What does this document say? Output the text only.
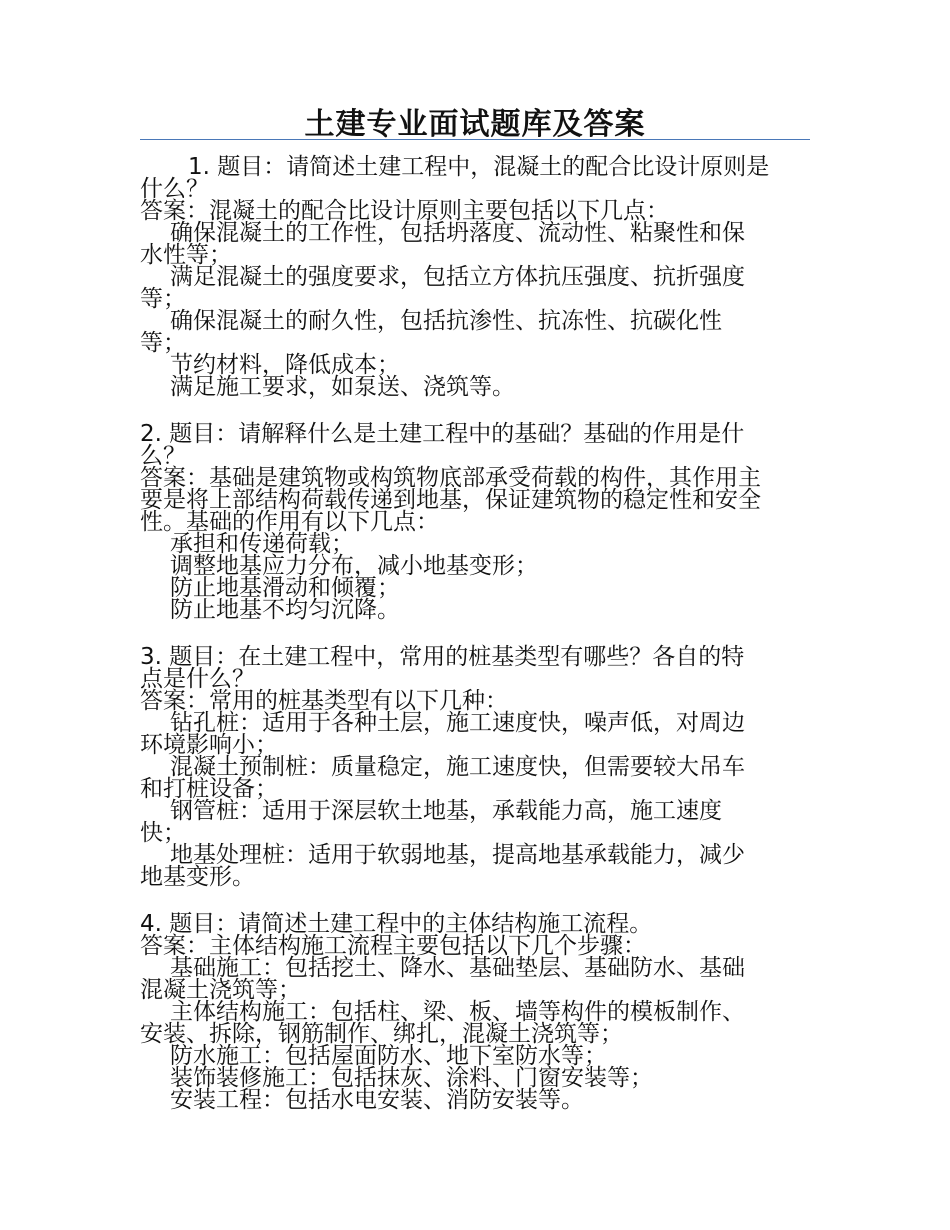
土建专业面试题库及答案
1. 题目：请简述土建工程中，混凝土的配合比设计原则是
什么？
答案：混凝土的配合比设计原则主要包括以下几点：
确保混凝土的工作性，包括坍落度、流动性、粘聚性和保
水性等；
满足混凝土的强度要求，包括立方体抗压强度、抗折强度
等；
确保混凝土的耐久性，包括抗渗性、抗冻性、抗碳化性
等；
节约材料，降低成本；
满足施工要求，如泵送、浇筑等。
2. 题目：请解释什么是土建工程中的基础？基础的作用是什
么？
答案：基础是建筑物或构筑物底部承受荷载的构件，其作用主
要是将上部结构荷载传递到地基，保证建筑物的稳定性和安全
性。基础的作用有以下几点：
承担和传递荷载；
调整地基应力分布，减小地基变形；
防止地基滑动和倾覆；
防止地基不均匀沉降。
3. 题目：在土建工程中，常用的桩基类型有哪些？各自的特
点是什么？
答案：常用的桩基类型有以下几种：
钻孔桩：适用于各种土层，施工速度快，噪声低，对周边
环境影响小；
混凝土预制桩：质量稳定，施工速度快，但需要较大吊车
和打桩设备；
钢管桩：适用于深层软土地基，承载能力高，施工速度
快；
地基处理桩：适用于软弱地基，提高地基承载能力，减少
地基变形。
4. 题目：请简述土建工程中的主体结构施工流程。
答案：主体结构施工流程主要包括以下几个步骤：
基础施工：包括挖土、降水、基础垫层、基础防水、基础
混凝土浇筑等；
主体结构施工：包括柱、梁、板、墙等构件的模板制作、
安装、拆除，钢筋制作、绑扎，混凝土浇筑等；
防水施工：包括屋面防水、地下室防水等；
装饰装修施工：包括抹灰、涂料、门窗安装等；
安装工程：包括水电安装、消防安装等。
